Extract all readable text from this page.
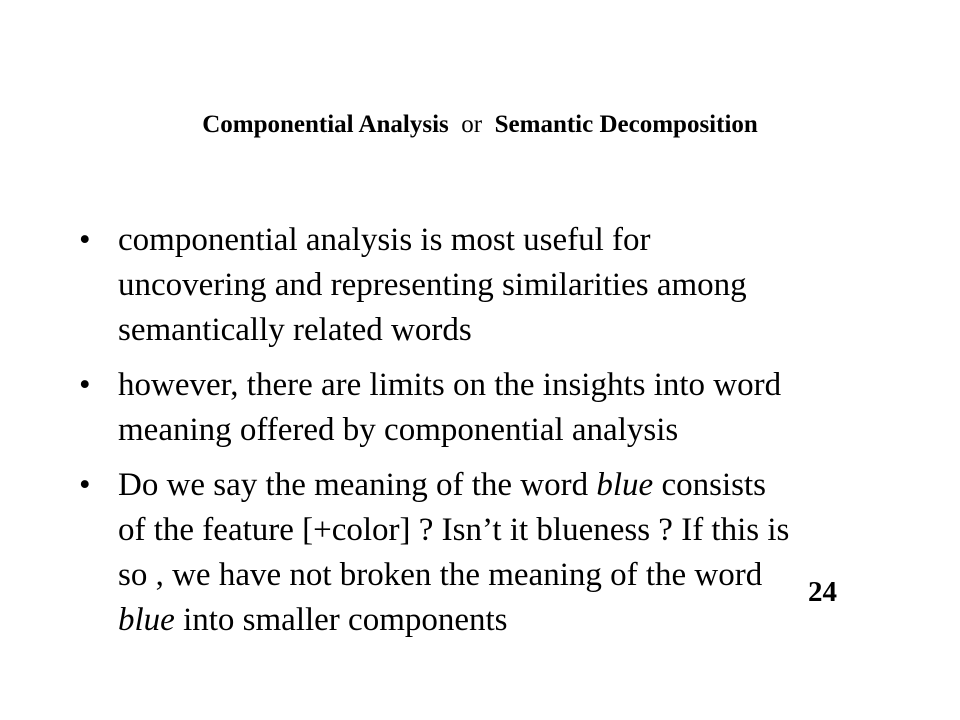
Componential Analysis or Semantic Decomposition
• componential analysis is most useful for
uncovering and representing similarities among
semantically related words
• however, there are limits on the insights into word
meaning offered by componential analysis
• Do we say the meaning of the word blue consists
of the feature [+color] ? Isn’t it blueness ? If this is
so , we have not broken the meaning of the word
blue into smaller components
24
